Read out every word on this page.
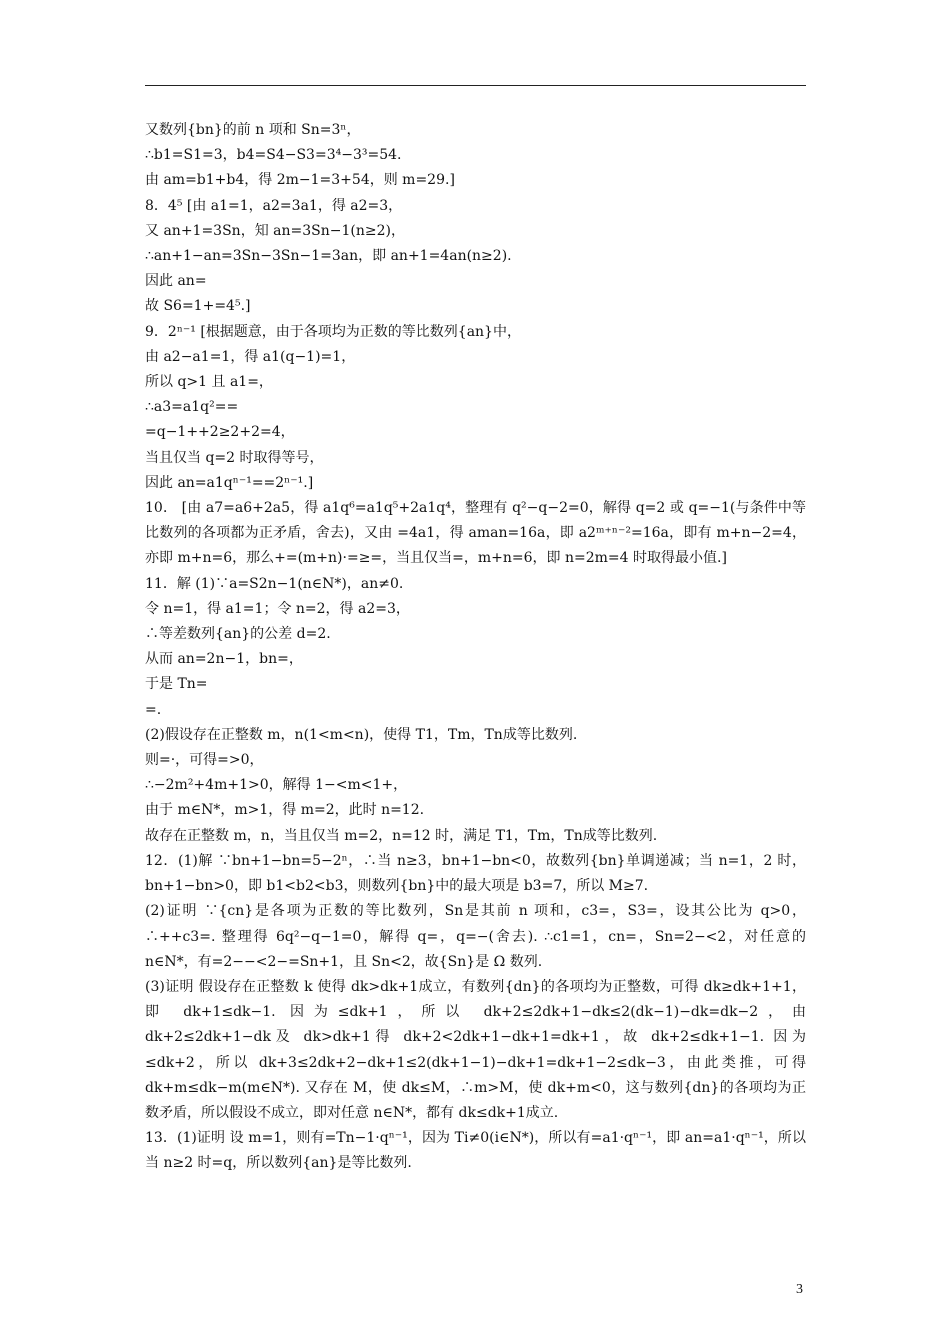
又数列{bn}的前 n 项和 Sn=3ⁿ，
∴b1=S1=3，b4=S4−S3=3⁴−3³=54.
由 am=b1+b4，得 2m−1=3+54，则 m=29.]
8．4⁵ [由 a1=1，a2=3a1，得 a2=3，
又 an+1=3Sn，知 an=3Sn−1(n≥2)，
∴an+1−an=3Sn−3Sn−1=3an，即 an+1=4an(n≥2).
因此 an=
故 S6=1+=4⁵.]
9．2ⁿ⁻¹ [根据题意，由于各项均为正数的等比数列{an}中，
由 a2−a1=1，得 a1(q−1)=1，
所以 q>1 且 a1=，
∴a3=a1q²==
=q−1++2≥2+2=4，
当且仅当 q=2 时取得等号，
因此 an=a1qⁿ⁻¹==2ⁿ⁻¹.]
10． [由 a7=a6+2a5，得 a1q⁶=a1q⁵+2a1q⁴，整理有 q²−q−2=0，解得 q=2 或 q=−1(与条件中等比数列的各项都为正矛盾，舍去)，又由 =4a1，得 aman=16a，即 a2ᵐ⁺ⁿ⁻²=16a，即有 m+n−2=4，亦即 m+n=6，那么+=(m+n)·=≥=，当且仅当=，m+n=6，即 n=2m=4 时取得最小值.]
11．解 (1)∵a=S2n−1(n∈N*)，an≠0.
令 n=1，得 a1=1；令 n=2，得 a2=3，
∴等差数列{an}的公差 d=2.
从而 an=2n−1，bn=，
于是 Tn=
=.
(2)假设存在正整数 m，n(1<m<n)，使得 T1，Tm，Tn成等比数列.
则=·，可得=>0，
∴−2m²+4m+1>0，解得 1−<m<1+，
由于 m∈N*，m>1，得 m=2，此时 n=12.
故存在正整数 m，n，当且仅当 m=2，n=12 时，满足 T1，Tm，Tn成等比数列.
12．(1)解 ∵bn+1−bn=5−2ⁿ，∴当 n≥3，bn+1−bn<0，故数列{bn}单调递减；当 n=1，2 时，bn+1−bn>0，即 b1<b2<b3，则数列{bn}中的最大项是 b3=7，所以 M≥7.
(2)证明 ∵{cn}是各项为正数的等比数列，Sn是其前 n 项和，c3=，S3=，设其公比为 q>0，∴++c3=. 整理得 6q²−q−1=0，解得 q=，q=−(舍去). ∴c1=1，cn=，Sn=2−<2，对任意的 n∈N*，有=2−−<2−=Sn+1，且 Sn<2，故{Sn}是 Ω 数列.
(3)证明 假设存在正整数 k 使得 dk>dk+1成立，有数列{dn}的各项均为正整数，可得 dk≥dk+1+1，即 dk+1≤dk−1. 因为≤dk+1，所以 dk+2≤2dk+1−dk≤2(dk−1)−dk=dk−2，由 dk+2≤2dk+1−dk及 dk>dk+1得 dk+2<2dk+1−dk+1=dk+1，故 dk+2≤dk+1−1. 因为≤dk+2，所以 dk+3≤2dk+2−dk+1≤2(dk+1−1)−dk+1=dk+1−2≤dk−3，由此类推，可得 dk+m≤dk−m(m∈N*). 又存在 M，使 dk≤M，∴m>M，使 dk+m<0，这与数列{dn}的各项均为正数矛盾，所以假设不成立，即对任意 n∈N*，都有 dk≤dk+1成立.
13．(1)证明 设 m=1，则有=Tn−1·qⁿ⁻¹，因为 Ti≠0(i∈N*)，所以有=a1·qⁿ⁻¹，即 an=a1·qⁿ⁻¹，所以当 n≥2 时=q，所以数列{an}是等比数列.
3
